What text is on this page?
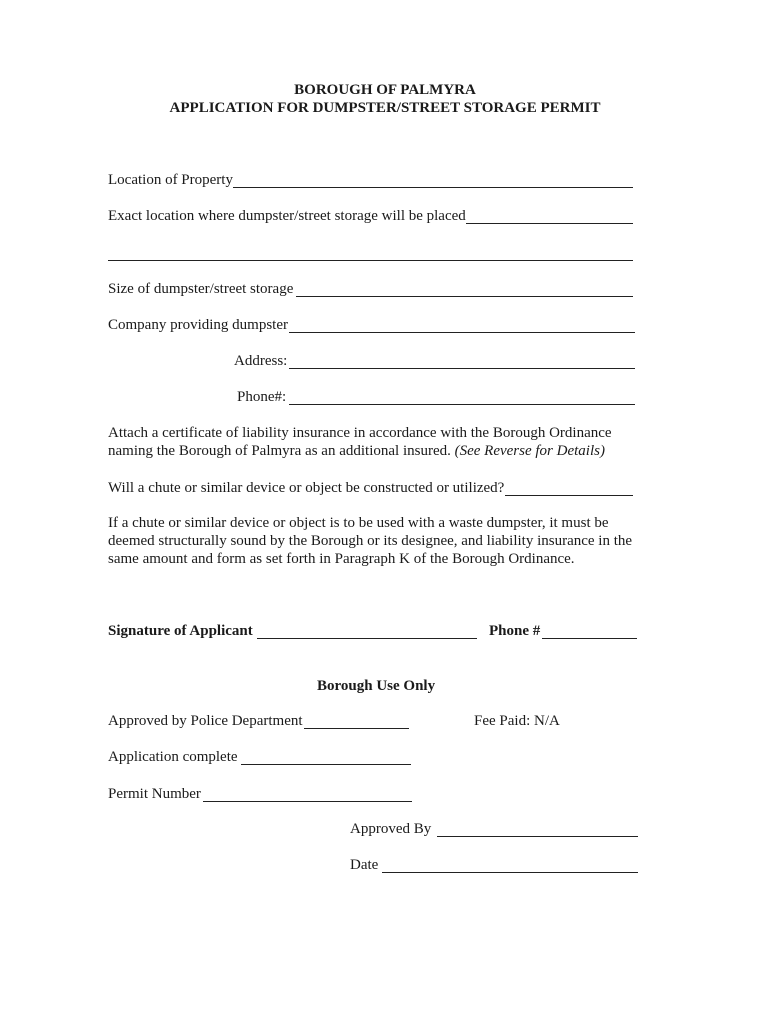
BOROUGH OF PALMYRA
APPLICATION FOR DUMPSTER/STREET STORAGE PERMIT
Location of Property
Exact location where dumpster/street storage will be placed
Size of dumpster/street storage
Company providing dumpster
Address:
Phone#:
Attach a certificate of liability insurance in accordance with the Borough Ordinance naming the Borough of Palmyra as an additional insured. (See Reverse for Details)
Will a chute or similar device or object be constructed or utilized?
If a chute or similar device or object is to be used with a waste dumpster, it must be deemed structurally sound by the Borough or its designee, and liability insurance in the same amount and form as set forth in Paragraph K of the Borough Ordinance.
Signature of Applicant	Phone #
Borough Use Only
Approved by Police Department	Fee Paid: N/A
Application complete
Permit Number
Approved By
Date
